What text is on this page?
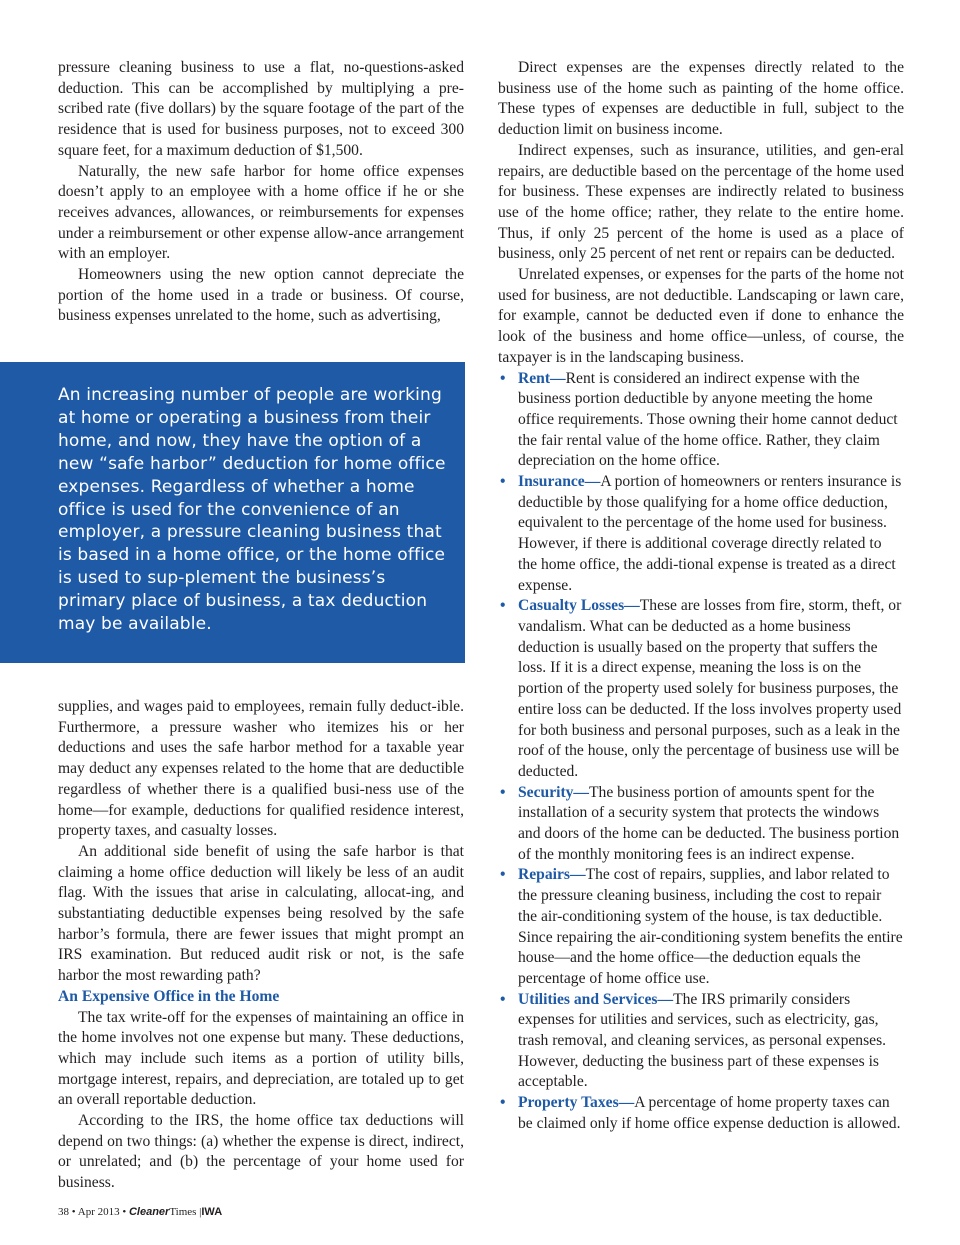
pressure cleaning business to use a flat, no-questions-asked deduction. This can be accomplished by multiplying a pre-scribed rate (five dollars) by the square footage of the part of the residence that is used for business purposes, not to exceed 300 square feet, for a maximum deduction of $1,500.

Naturally, the new safe harbor for home office expenses doesn’t apply to an employee with a home office if he or she receives advances, allowances, or reimbursements for expenses under a reimbursement or other expense allow-ance arrangement with an employer.

Homeowners using the new option cannot depreciate the portion of the home used in a trade or business. Of course, business expenses unrelated to the home, such as advertising,

An increasing number of people are working at home or operating a business from their home, and now, they have the option of a new “safe harbor” deduction for home office expenses. Regardless of whether a home office is used for the convenience of an employer, a pressure cleaning business that is based in a home office, or the home office is used to sup-plement the business’s primary place of business, a tax deduction may be available.

supplies, and wages paid to employees, remain fully deduct-ible. Furthermore, a pressure washer who itemizes his or her deductions and uses the safe harbor method for a taxable year may deduct any expenses related to the home that are deductible regardless of whether there is a qualified busi-ness use of the home—for example, deductions for qualified residence interest, property taxes, and casualty losses.

An additional side benefit of using the safe harbor is that claiming a home office deduction will likely be less of an audit flag. With the issues that arise in calculating, allocat-ing, and substantiating deductible expenses being resolved by the safe harbor’s formula, there are fewer issues that might prompt an IRS examination. But reduced audit risk or not, is the safe harbor the most rewarding path?

An Expensive Office in the Home

The tax write-off for the expenses of maintaining an office in the home involves not one expense but many. These deductions, which may include such items as a portion of utility bills, mortgage interest, repairs, and depreciation, are totaled up to get an overall reportable deduction.

According to the IRS, the home office tax deductions will depend on two things: (a) whether the expense is direct, indirect, or unrelated; and (b) the percentage of your home used for business.

Direct expenses are the expenses directly related to the business use of the home such as painting of the home office. These types of expenses are deductible in full, subject to the deduction limit on business income.

Indirect expenses, such as insurance, utilities, and gen-eral repairs, are deductible based on the percentage of the home used for business. These expenses are indirectly related to business use of the home office; rather, they relate to the entire home. Thus, if only 25 percent of the home is used as a place of business, only 25 percent of net rent or repairs can be deducted.

Unrelated expenses, or expenses for the parts of the home not used for business, are not deductible. Landscaping or lawn care, for example, cannot be deducted even if done to enhance the look of the business and home office—unless, of course, the taxpayer is in the landscaping business.

• Rent—Rent is considered an indirect expense with the business portion deductible by anyone meeting the home office requirements. Those owning their home cannot deduct the fair rental value of the home office. Rather, they claim depreciation on the home office.
• Insurance—A portion of homeowners or renters insurance is deductible by those qualifying for a home office deduction, equivalent to the percentage of the home used for business. However, if there is additional coverage directly related to the home office, the addi-tional expense is treated as a direct expense.
• Casualty Losses—These are losses from fire, storm, theft, or vandalism. What can be deducted as a home business deduction is usually based on the property that suffers the loss. If it is a direct expense, meaning the loss is on the portion of the property used solely for business purposes, the entire loss can be deducted. If the loss involves property used for both business and personal purposes, such as a leak in the roof of the house, only the percentage of business use will be deducted.
• Security—The business portion of amounts spent for the installation of a security system that protects the windows and doors of the home can be deducted. The business portion of the monthly monitoring fees is an indirect expense.
• Repairs—The cost of repairs, supplies, and labor related to the pressure cleaning business, including the cost to repair the air-conditioning system of the house, is tax deductible. Since repairing the air-conditioning system benefits the entire house—and the home office—the deduction equals the percentage of home office use.
• Utilities and Services—The IRS primarily considers expenses for utilities and services, such as electricity, gas, trash removal, and cleaning services, as personal expenses. However, deducting the business part of these expenses is acceptable.
• Property Taxes—A percentage of home property taxes can be claimed only if home office expense deduction is allowed.
38 • Apr 2013 • CleanerTimes |IWA
